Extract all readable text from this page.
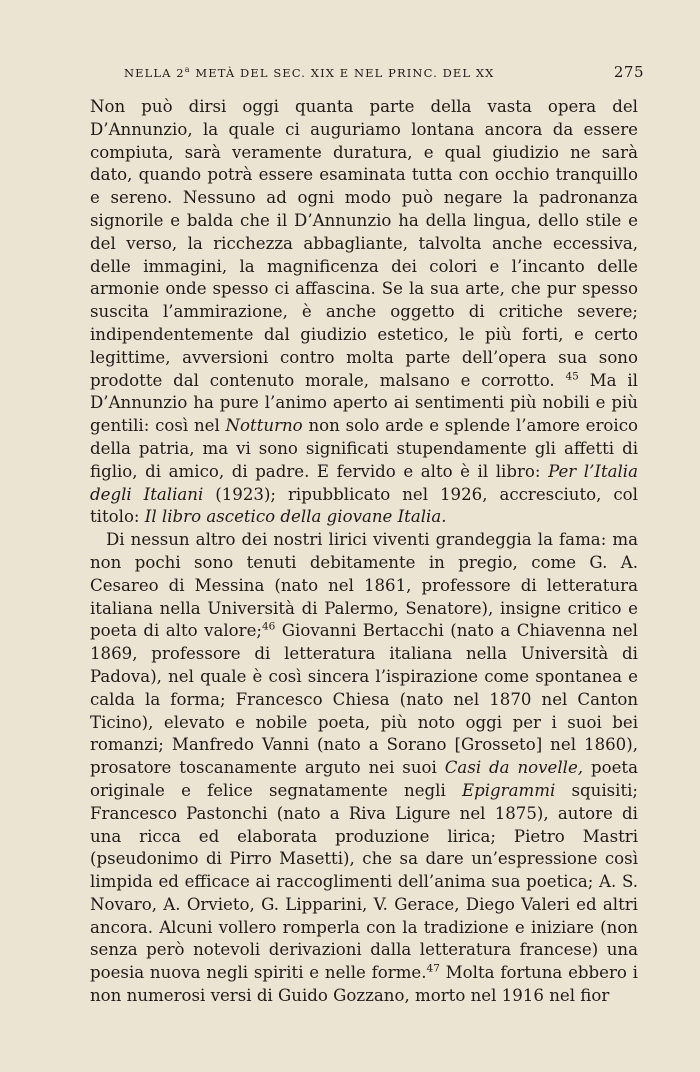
NELLA 2$^a$ METÀ DEL SEC. XIX E NEL PRINC. DEL XX	275

Non può dirsi oggi quanta parte della vasta opera del D’Annunzio, la quale ci auguriamo lontana ancora da essere compiuta, sarà veramente duratura, e qual giudizio ne sarà dato, quando potrà essere esaminata tutta con occhio tranquillo e sereno. Nessuno ad ogni modo può negare la padronanza signorile e balda che il D’Annunzio ha della lingua, dello stile e del verso, la ricchezza abbagliante, talvolta anche eccessiva, delle immagini, la magnificenza dei colori e l’incanto delle armonie onde spesso ci affascina. Se la sua arte, che pur spesso suscita l’ammirazione, è anche oggetto di critiche severe; indipendentemente dal giudizio estetico, le più forti, e certo legittime, avversioni contro molta parte dell’opera sua sono prodotte dal contenuto morale, malsano e corrotto. $^{45}$ Ma il D’Annunzio ha pure l’animo aperto ai sentimenti più nobili e più gentili: così nel Notturno non solo arde e splende l’amore eroico della patria, ma vi sono significati stupendamente gli affetti di figlio, di amico, di padre. E fervido e alto è il libro: Per l’Italia degli Italiani (1923); ripubblicato nel 1926, accresciuto, col titolo: Il libro ascetico della giovane Italia.

Di nessun altro dei nostri lirici viventi grandeggia la fama: ma non pochi sono tenuti debitamente in pregio, come G. A. Cesareo di Messina (nato nel 1861, professore di letteratura italiana nella Università di Palermo, Senatore), insigne critico e poeta di alto valore;$^{46}$ Giovanni Bertacchi (nato a Chiavenna nel 1869, professore di letteratura italiana nella Università di Padova), nel quale è così sincera l’ispirazione come spontanea e calda la forma; Francesco Chiesa (nato nel 1870 nel Canton Ticino), elevato e nobile poeta, più noto oggi per i suoi bei romanzi; Manfredo Vanni (nato a Sorano [Grosseto] nel 1860), prosatore toscanamente arguto nei suoi Casi da novelle, poeta originale e felice segnatamente negli Epigrammi squisiti; Francesco Pastonchi (nato a Riva Ligure nel 1875), autore di una ricca ed elaborata produzione lirica; Pietro Mastri (pseudonimo di Pirro Masetti), che sa dare un’espressione così limpida ed efficace ai raccoglimenti dell’anima sua poetica; A. S. Novaro, A. Orvieto, G. Lipparini, V. Gerace, Diego Valeri ed altri ancora. Alcuni vollero romperla con la tradizione e iniziare (non senza però notevoli derivazioni dalla letteratura francese) una poesia nuova negli spiriti e nelle forme.$^{47}$ Molta fortuna ebbero i non numerosi versi di Guido Gozzano, morto nel 1916 nel fior
